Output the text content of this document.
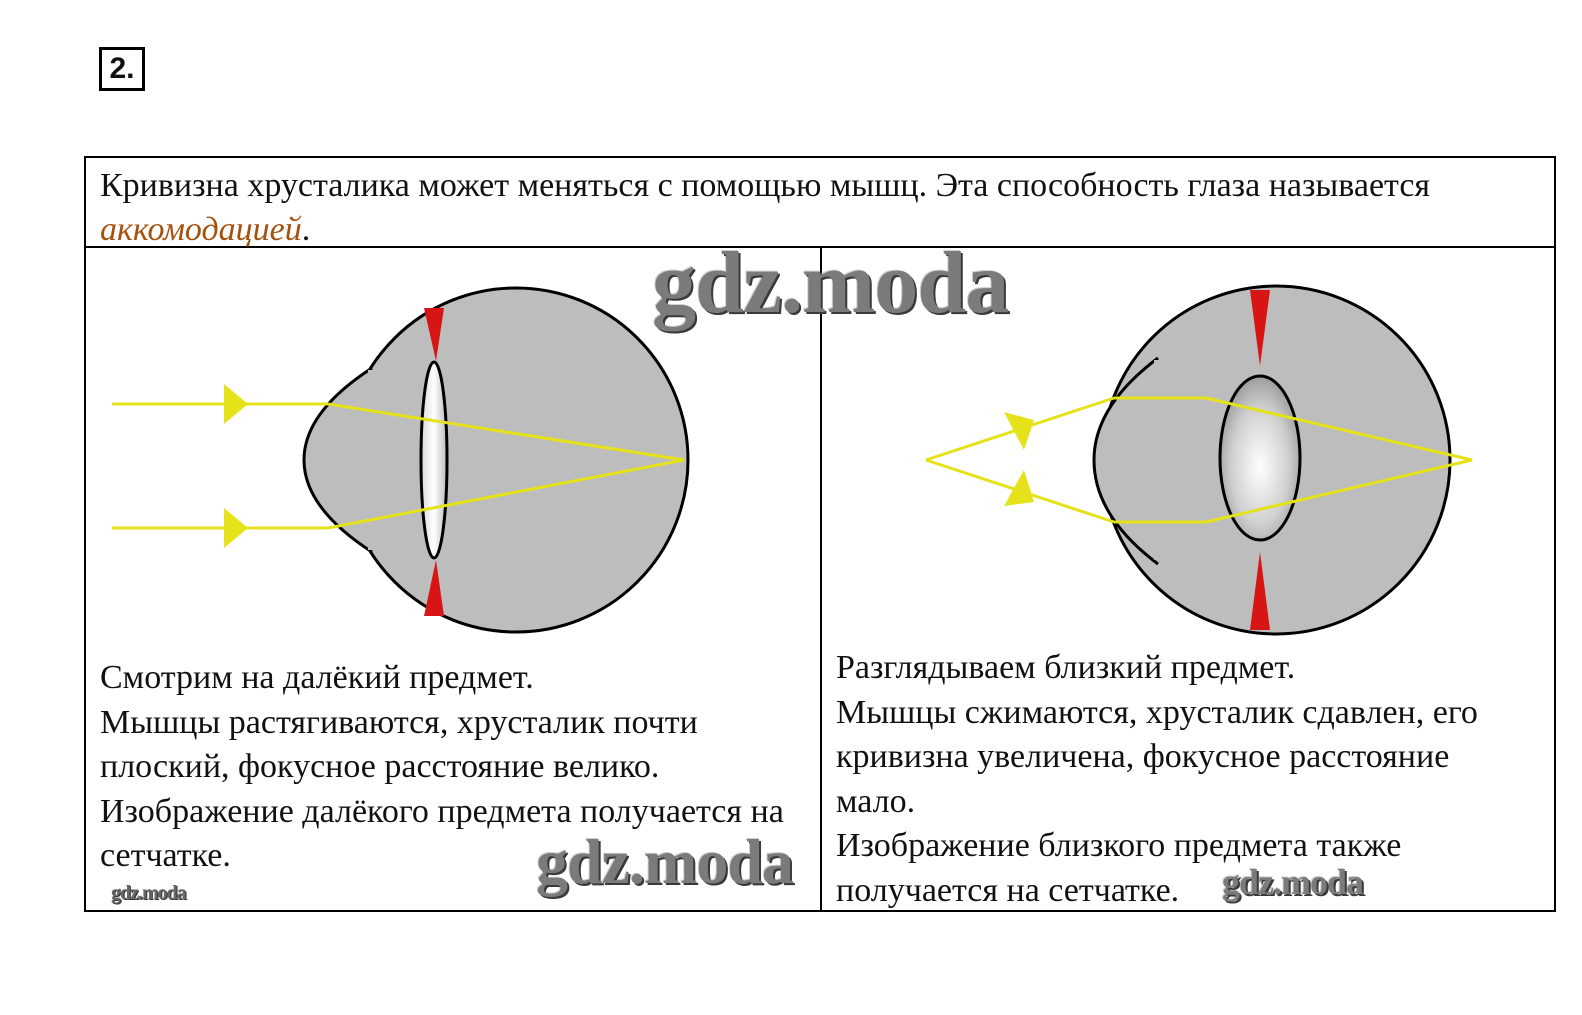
2.
Кривизна хрусталика может меняться с помощью мышц. Эта способность глаза называется аккомодацией.

Смотрим на далёкий предмет.

Мышцы растягиваются, хрусталик почти плоский, фокусное расстояние велико.

Изображение далёкого предмета получается на сетчатке.

Разглядываем близкий предмет.

Мышцы сжимаются, хрусталик сдавлен, его кривизна увеличена, фокусное расстояние мало.

Изображение близкого предмета также получается на сетчатке.

gdz.moda
gdz.moda	gdz.moda
gdz.moda
